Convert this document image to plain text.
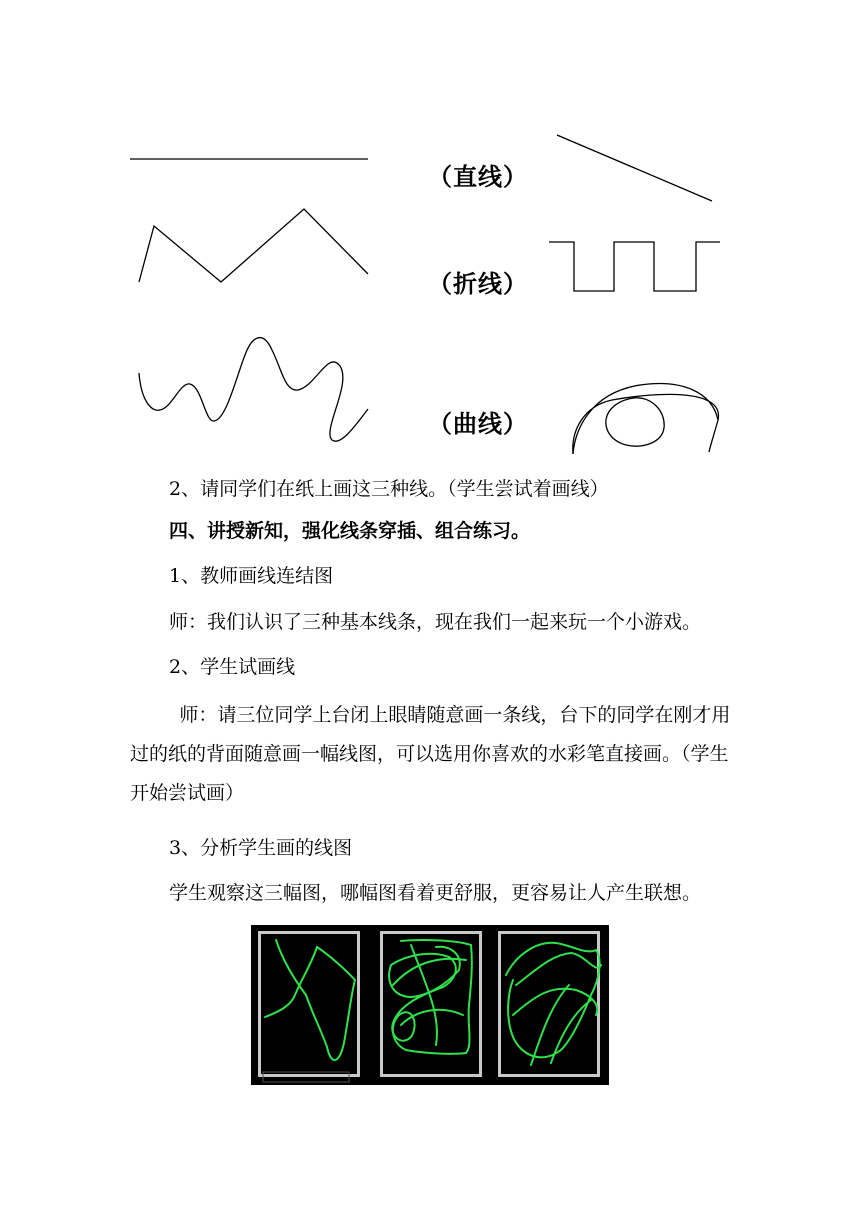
（直线）
（折线）
（曲线）
2、请同学们在纸上画这三种线。（学生尝试着画线）
四、讲授新知，强化线条穿插、组合练习。
1、教师画线连结图
师：我们认识了三种基本线条，现在我们一起来玩一个小游戏。
2、学生试画线
师：请三位同学上台闭上眼睛随意画一条线，台下的同学在刚才用过的纸的背面随意画一幅线图，可以选用你喜欢的水彩笔直接画。（学生开始尝试画）
3、分析学生画的线图
学生观察这三幅图，哪幅图看着更舒服，更容易让人产生联想。
